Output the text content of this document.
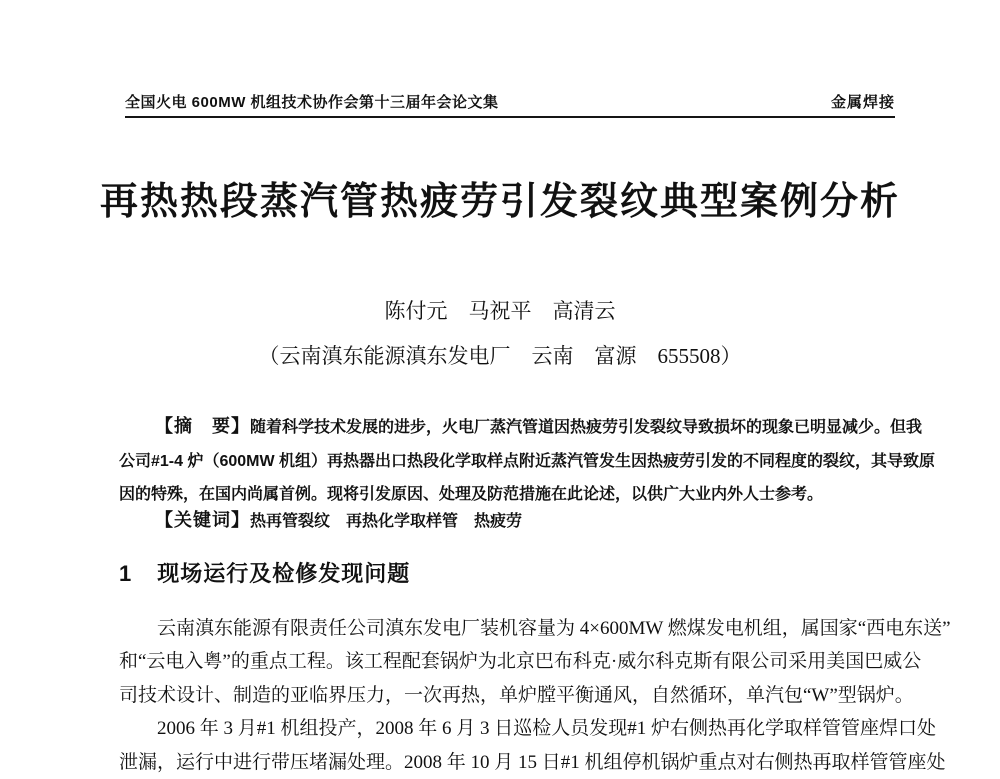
全国火电 600MW 机组技术协作会第十三届年会论文集	金属焊接
再热热段蒸汽管热疲劳引发裂纹典型案例分析
陈付元　马祝平　高清云
（云南滇东能源滇东发电厂　云南　富源　655508）
【摘　要】随着科学技术发展的进步，火电厂蒸汽管道因热疲劳引发裂纹导致损坏的现象已明显减少。但我
公司#1-4 炉（600MW 机组）再热器出口热段化学取样点附近蒸汽管发生因热疲劳引发的不同程度的裂纹，其导致原
因的特殊，在国内尚属首例。现将引发原因、处理及防范措施在此论述，以供广大业内外人士参考。
【关键词】热再管裂纹　再热化学取样管　热疲劳
1 现场运行及检修发现问题
云南滇东能源有限责任公司滇东发电厂装机容量为 4×600MW 燃煤发电机组，属国家“西电东送”
和“云电入粤”的重点工程。该工程配套锅炉为北京巴布科克·威尔科克斯有限公司采用美国巴威公
司技术设计、制造的亚临界压力，一次再热，单炉膛平衡通风，自然循环，单汽包“W”型锅炉。
2006 年 3 月#1 机组投产，2008 年 6 月 3 日巡检人员发现#1 炉右侧热再化学取样管管座焊口处
泄漏，运行中进行带压堵漏处理。2008 年 10 月 15 日#1 机组停机锅炉重点对右侧热再取样管管座处
